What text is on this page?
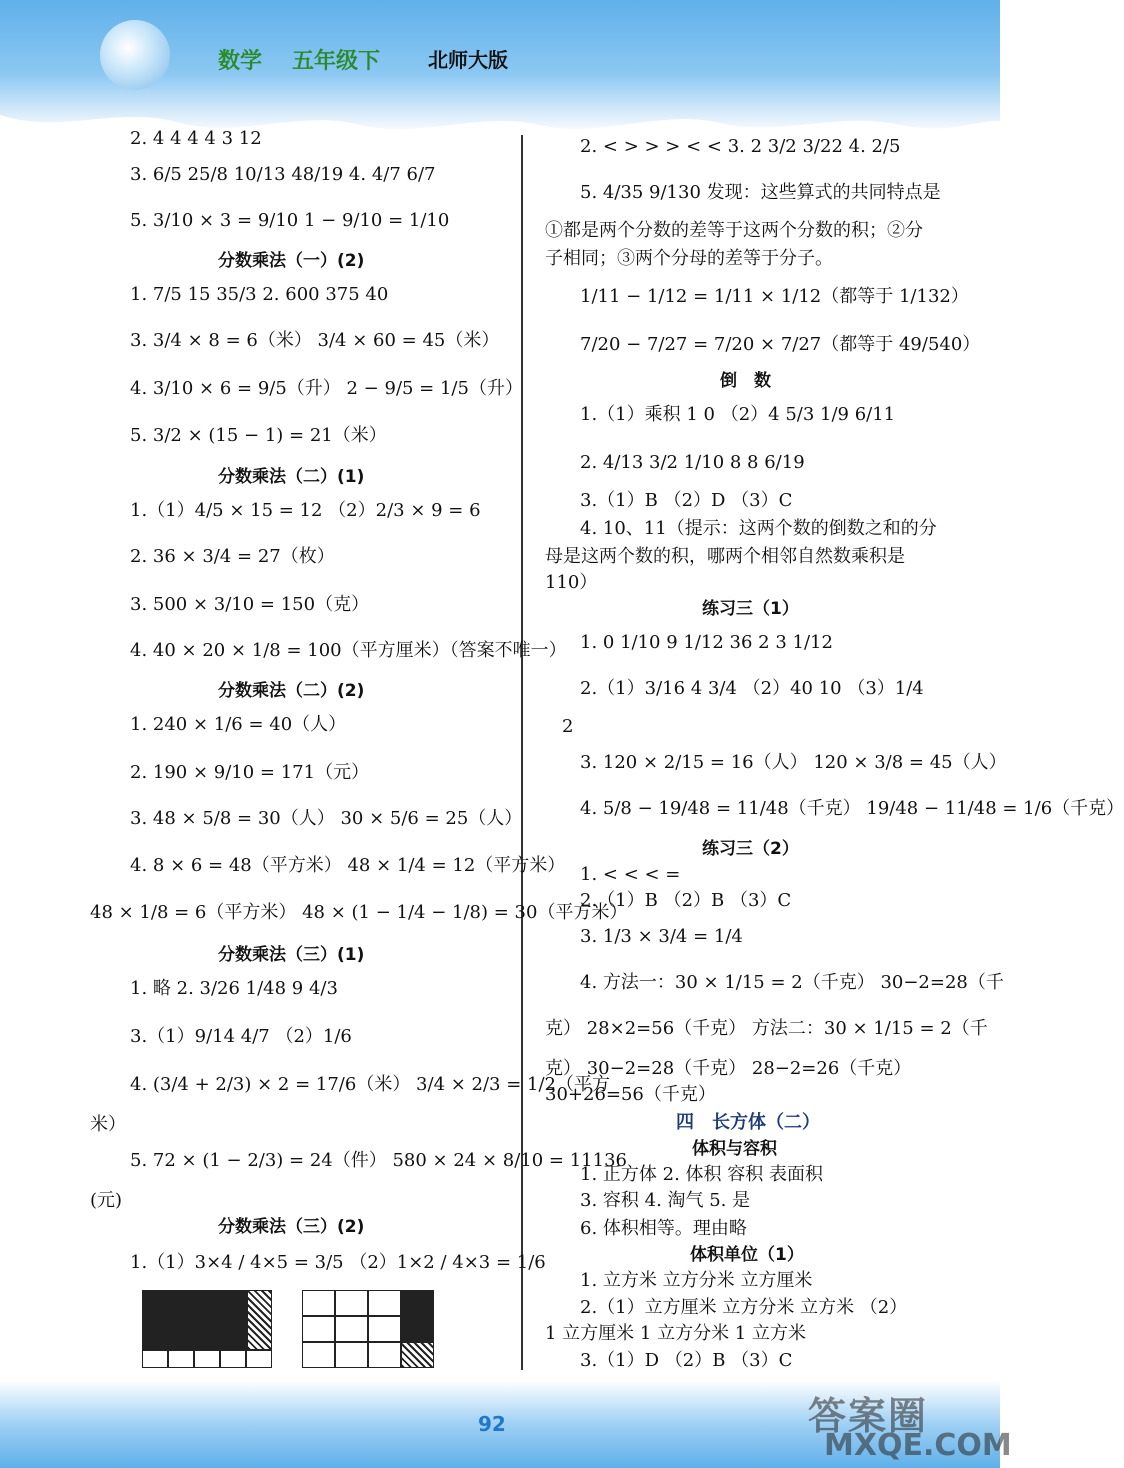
数学 五年级下 北师大版
2. 4 4 4 4 3 12
3. 6/5 25/8 10/13 48/19 4. 4/7 6/7
5. 3/10 × 3 = 9/10 1 − 9/10 = 1/10
分数乘法（一）(2)
1. 7/5 15 35/3 2. 600 375 40
3. 3/4 × 8 = 6（米） 3/4 × 60 = 45（米）
4. 3/10 × 6 = 9/5（升） 2 − 9/5 = 1/5（升）
5. 3/2 × (15 − 1) = 21（米）
分数乘法（二）(1)
1.（1）4/5 × 15 = 12 （2）2/3 × 9 = 6
2. 36 × 3/4 = 27（枚）
3. 500 × 3/10 = 150（克）
4. 40 × 20 × 1/8 = 100（平方厘米）（答案不唯一）
分数乘法（二）(2)
1. 240 × 1/6 = 40（人）
2. 190 × 9/10 = 171（元）
3. 48 × 5/8 = 30（人） 30 × 5/6 = 25（人）
4. 8 × 6 = 48（平方米） 48 × 1/4 = 12（平方米）
48 × 1/8 = 6（平方米） 48 × (1 − 1/4 − 1/8) = 30（平方米）
分数乘法（三）(1)
1. 略 2. 3/26 1/48 9 4/3
3.（1）9/14 4/7 （2）1/6
4. (3/4 + 2/3) × 2 = 17/6（米） 3/4 × 2/3 = 1/2（平方
米）
5. 72 × (1 − 2/3) = 24（件） 580 × 24 × 8/10 = 11136
(元)
分数乘法（三）(2)
1.（1）3×4 / 4×5 = 3/5 （2）1×2 / 4×3 = 1/6
2. < > > > < < 3. 2 3/2 3/22 4. 2/5
5. 4/35 9/130 发现：这些算式的共同特点是
①都是两个分数的差等于这两个分数的积；②分
子相同；③两个分母的差等于分子。
1/11 − 1/12 = 1/11 × 1/12（都等于 1/132）
7/20 − 7/27 = 7/20 × 7/27（都等于 49/540）
倒　数
1.（1）乘积 1 0 （2）4 5/3 1/9 6/11
2. 4/13 3/2 1/10 8 8 6/19
3.（1）B （2）D （3）C
4. 10、11（提示：这两个数的倒数之和的分
母是这两个数的积，哪两个相邻自然数乘积是
110）
练习三（1）
1. 0 1/10 9 1/12 36 2 3 1/12
2.（1）3/16 4 3/4 （2）40 10 （3）1/4
2
3. 120 × 2/15 = 16（人） 120 × 3/8 = 45（人）
4. 5/8 − 19/48 = 11/48（千克） 19/48 − 11/48 = 1/6（千克）
练习三（2）
1. < < < =
2.（1）B （2）B （3）C
3. 1/3 × 3/4 = 1/4
4. 方法一：30 × 1/15 = 2（千克） 30−2=28（千
克） 28×2=56（千克） 方法二：30 × 1/15 = 2（千
克） 30−2=28（千克） 28−2=26（千克）
30+26=56（千克）
四　长方体（二）
体积与容积
1. 正方体 2. 体积 容积 表面积
3. 容积 4. 淘气 5. 是
6. 体积相等。理由略
体积单位（1）
1. 立方米 立方分米 立方厘米
2.（1）立方厘米 立方分米 立方米 （2）
1 立方厘米 1 立方分米 1 立方米
3.（1）D （2）B （3）C
92	答案圈
MXQE.COM
